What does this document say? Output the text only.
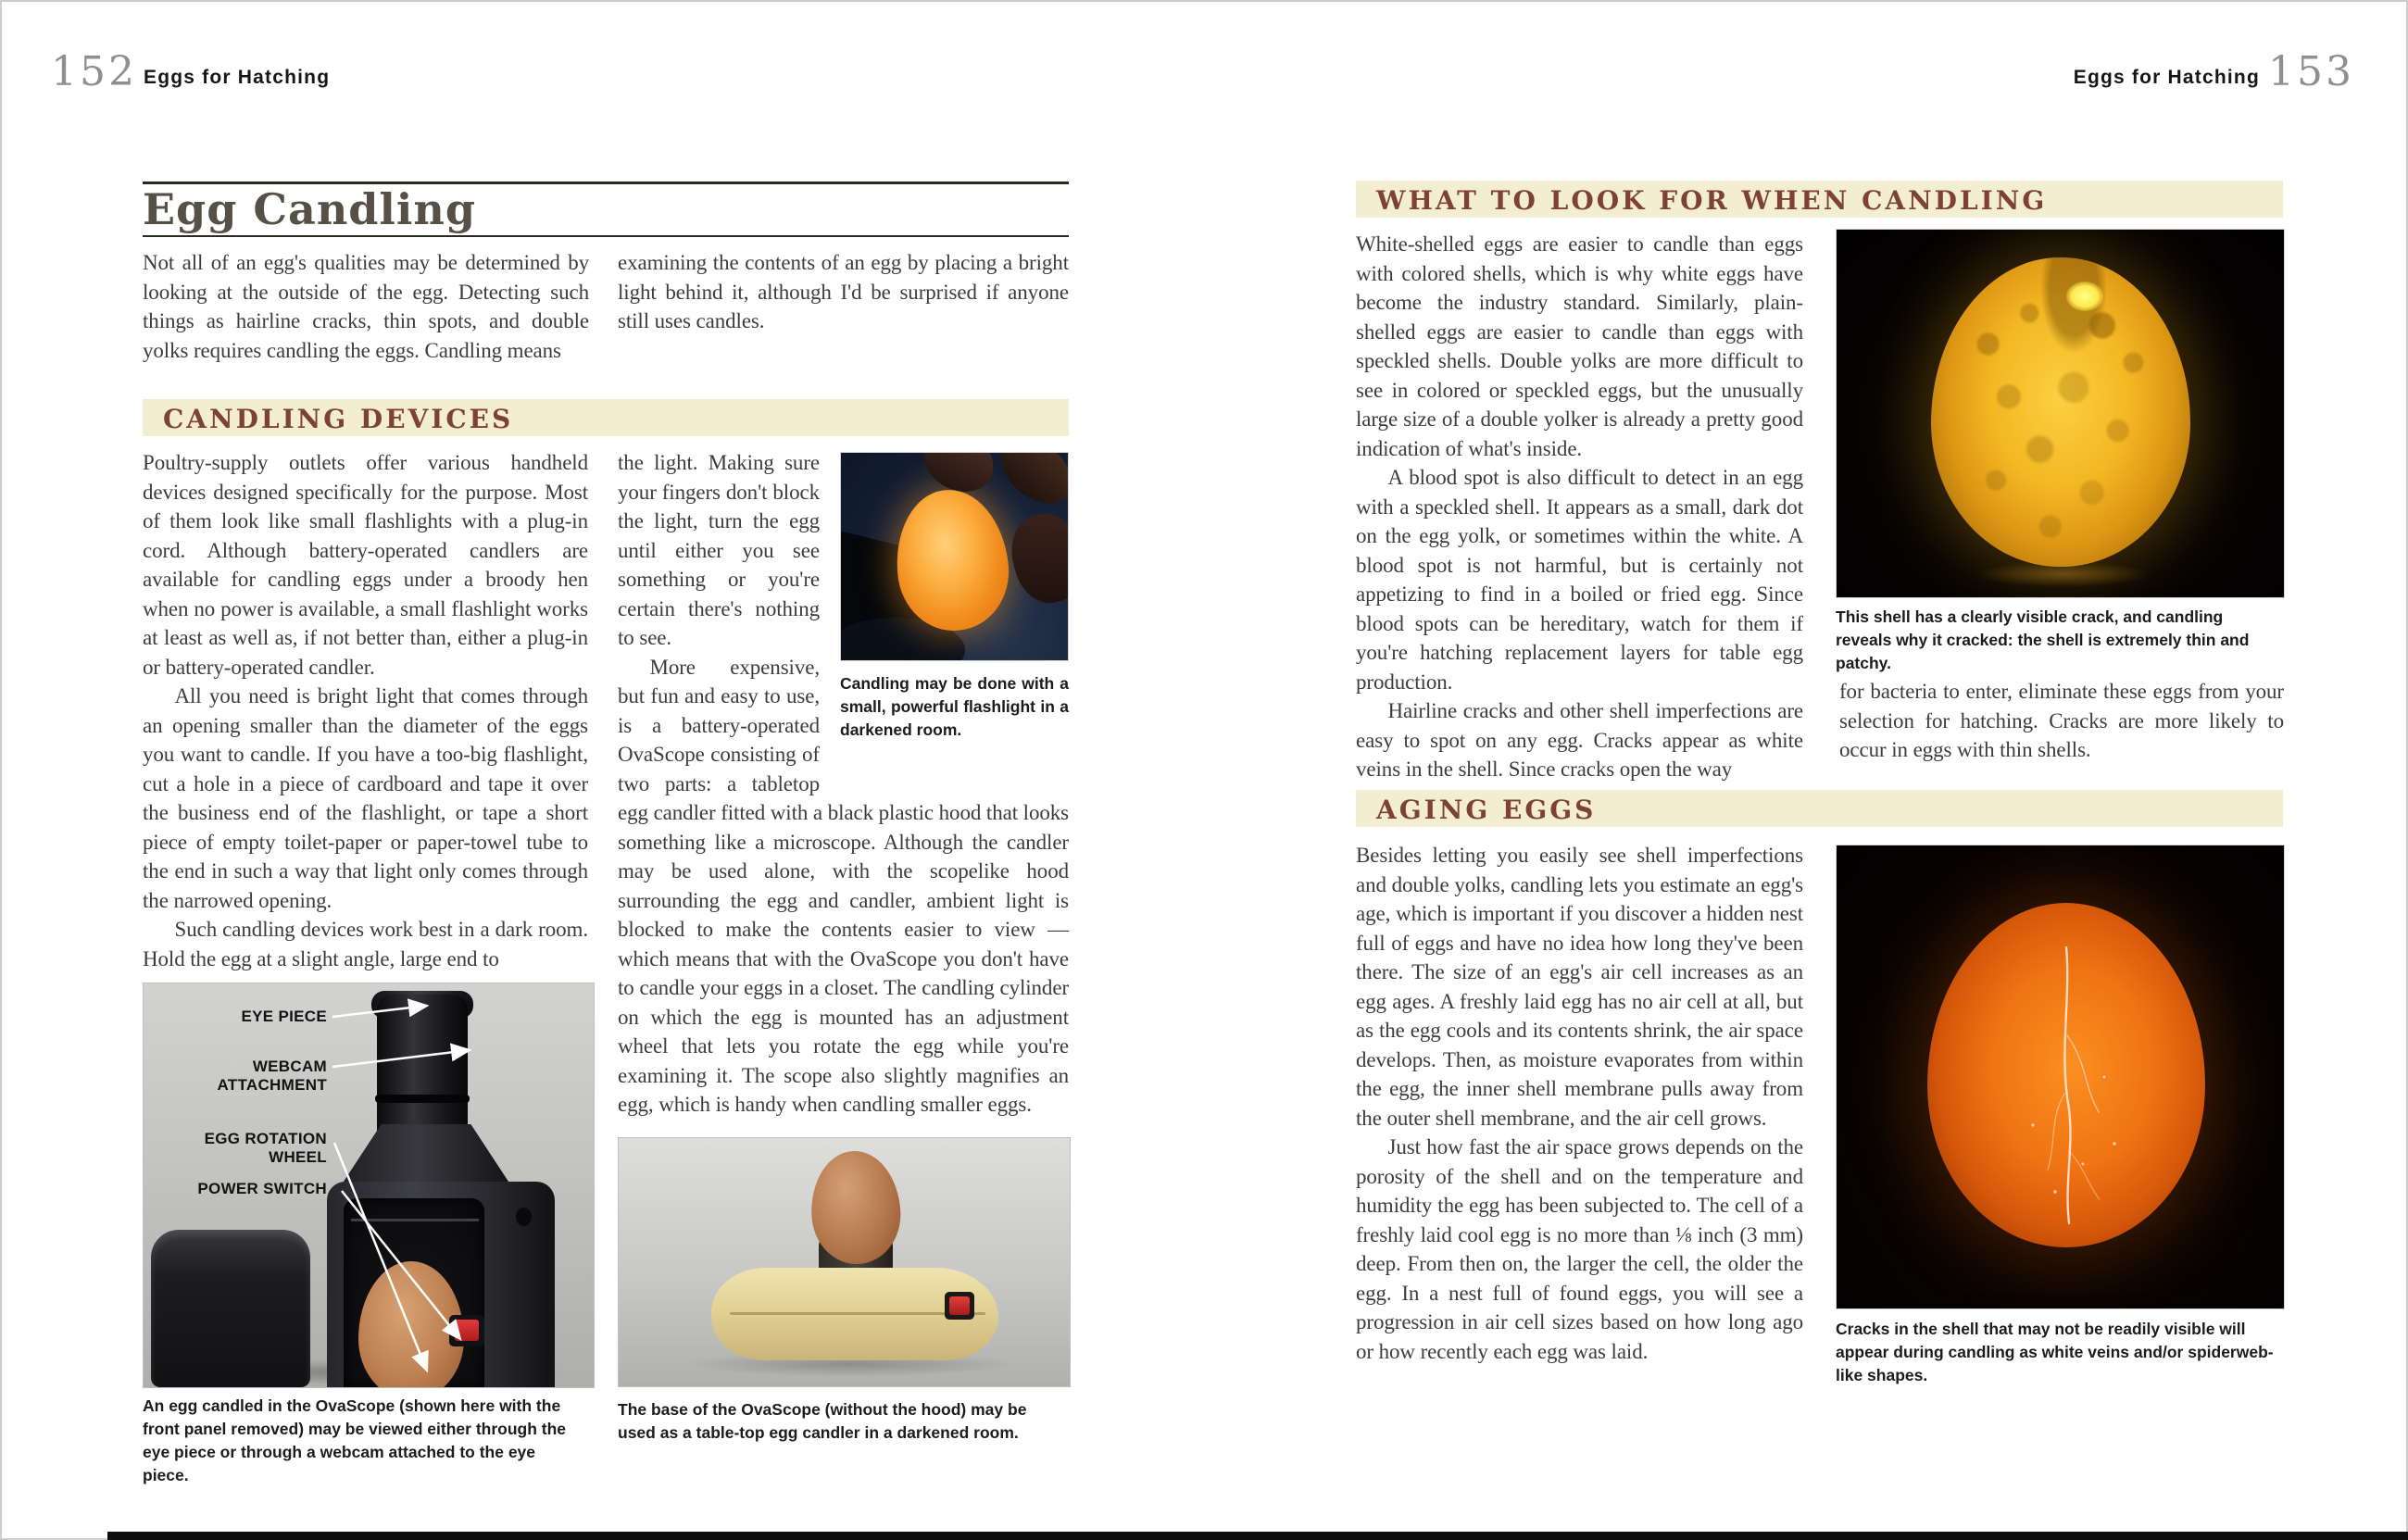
152 Eggs for Hatching
Egg Candling

Not all of an egg's qualities may be determined by looking at the outside of the egg. Detecting such things as hairline cracks, thin spots, and double yolks requires candling the eggs. Candling means

examining the contents of an egg by placing a bright light behind it, although I'd be surprised if anyone still uses candles.

CANDLING DEVICES

Poultry-supply outlets offer various handheld devices designed specifically for the purpose. Most of them look like small flashlights with a plug-in cord. Although battery-operated candlers are available for candling eggs under a broody hen when no power is available, a small flashlight works at least as well as, if not better than, either a plug-in or battery-operated candler.

All you need is bright light that comes through an opening smaller than the diameter of the eggs you want to candle. If you have a too-big flashlight, cut a hole in a piece of cardboard and tape it over the business end of the flashlight, or tape a short piece of empty toilet-paper or paper-towel tube to the end in such a way that light only comes through the narrowed opening.

Such candling devices work best in a dark room. Hold the egg at a slight angle, large end to

Candling may be done with a small, powerful flashlight in a darkened room.

the light. Making sure your fingers don't block the light, turn the egg until either you see something or you're certain there's nothing to see.

More expensive, but fun and easy to use, is a battery-operated OvaScope consisting of two parts: a tabletop egg candler fitted with a black plastic hood that looks something like a microscope. Although the candler may be used alone, with the scopelike hood surrounding the egg and candler, ambient light is blocked to make the contents easier to view — which means that with the OvaScope you don't have to candle your eggs in a closet. The candling cylinder on which the egg is mounted has an adjustment wheel that lets you rotate the egg while you're examining it. The scope also slightly magnifies an egg, which is handy when candling smaller eggs.

EYE PIECE
WEBCAM ATTACHMENT
EGG ROTATION WHEEL
POWER SWITCH
An egg candled in the OvaScope (shown here with the front panel removed) may be viewed either through the eye piece or through a webcam attached to the eye piece.
The base of the OvaScope (without the hood) may be used as a table-top egg candler in a darkened room.
Eggs for Hatching 153
WHAT TO LOOK FOR WHEN CANDLING

White-shelled eggs are easier to candle than eggs with colored shells, which is why white eggs have become the industry standard. Similarly, plain-shelled eggs are easier to candle than eggs with speckled shells. Double yolks are more difficult to see in colored or speckled eggs, but the unusually large size of a double yolker is already a pretty good indication of what's inside.

A blood spot is also difficult to detect in an egg with a speckled shell. It appears as a small, dark dot on the egg yolk, or sometimes within the white. A blood spot is not harmful, but is certainly not appetizing to find in a boiled or fried egg. Since blood spots can be hereditary, watch for them if you're hatching replacement layers for table egg production.

Hairline cracks and other shell imperfections are easy to spot on any egg. Cracks appear as white veins in the shell. Since cracks open the way

This shell has a clearly visible crack, and candling reveals why it cracked: the shell is extremely thin and patchy.

for bacteria to enter, eliminate these eggs from your selection for hatching. Cracks are more likely to occur in eggs with thin shells.

AGING EGGS

Besides letting you easily see shell imperfections and double yolks, candling lets you estimate an egg's age, which is important if you discover a hidden nest full of eggs and have no idea how long they've been there. The size of an egg's air cell increases as an egg ages. A freshly laid egg has no air cell at all, but as the egg cools and its contents shrink, the air space develops. Then, as moisture evaporates from within the egg, the inner shell membrane pulls away from the outer shell membrane, and the air cell grows.

Just how fast the air space grows depends on the porosity of the shell and on the temperature and humidity the egg has been subjected to. The cell of a freshly laid cool egg is no more than ⅛ inch (3 mm) deep. From then on, the larger the cell, the older the egg. In a nest full of found eggs, you will see a progression in air cell sizes based on how long ago or how recently each egg was laid.

Cracks in the shell that may not be readily visible will appear during candling as white veins and/or spiderweb-like shapes.
